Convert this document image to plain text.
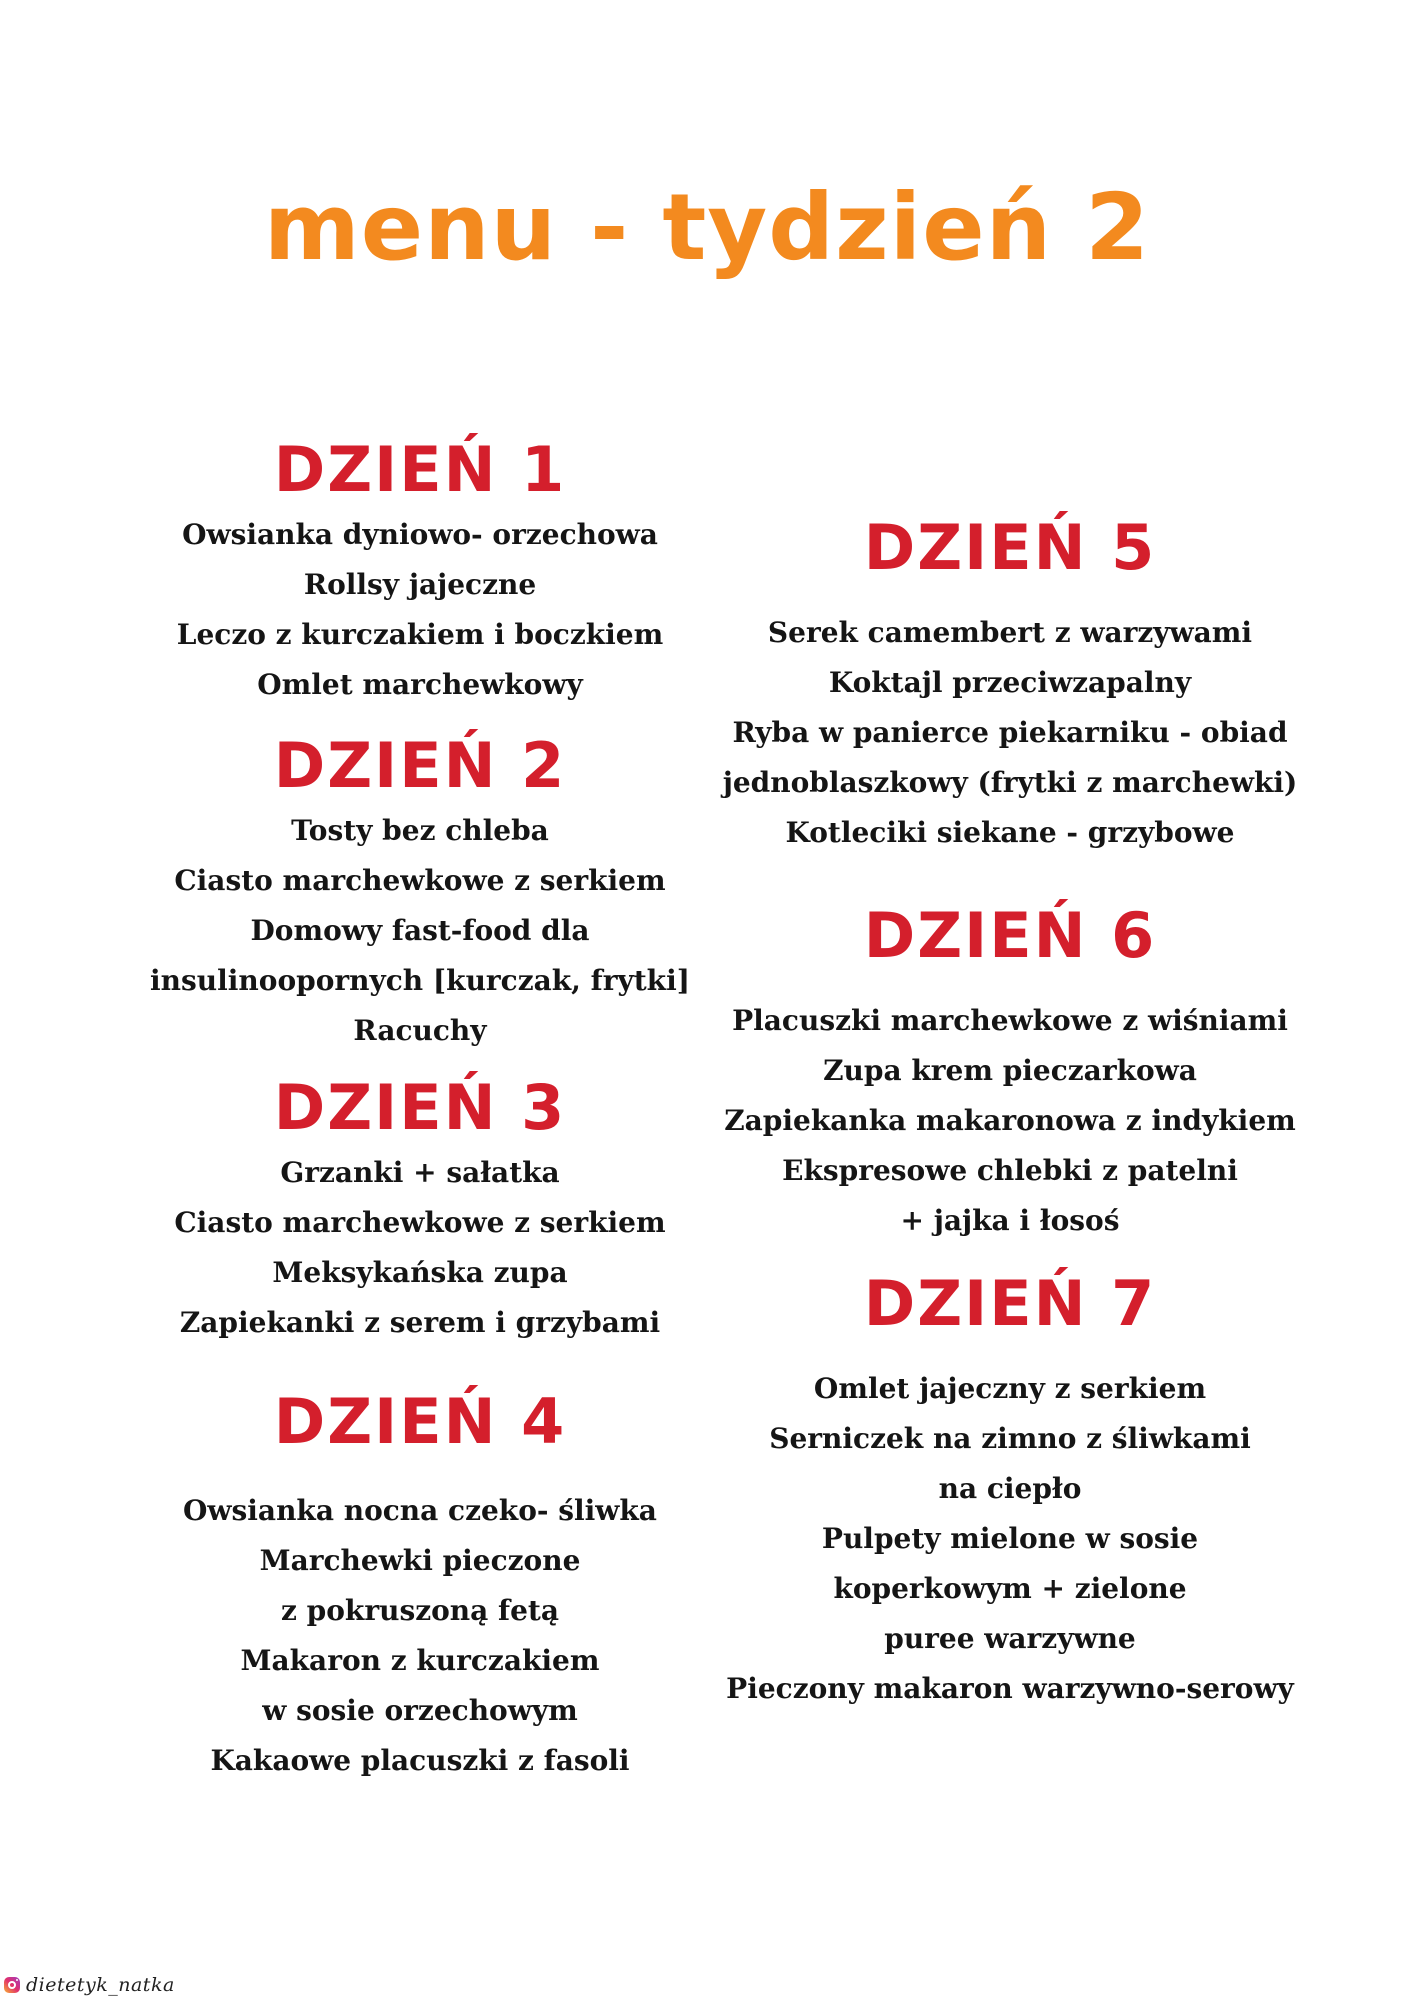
menu - tydzień 2
DZIEŃ 1
Owsianka dyniowo- orzechowa
Rollsy jajeczne
Leczo z kurczakiem i boczkiem
Omlet marchewkowy
DZIEŃ 2
Tosty bez chleba
Ciasto marchewkowe z serkiem
Domowy fast-food dla
insulinoopornych [kurczak, frytki]
Racuchy
DZIEŃ 3
Grzanki + sałatka
Ciasto marchewkowe z serkiem
Meksykańska zupa
Zapiekanki z serem i grzybami
DZIEŃ 4
Owsianka nocna czeko- śliwka
Marchewki pieczone
z pokruszoną fetą
Makaron z kurczakiem
w sosie orzechowym
Kakaowe placuszki z fasoli
DZIEŃ 5
Serek camembert z warzywami
Koktajl przeciwzapalny
Ryba w panierce piekarniku - obiad
jednoblaszkowy (frytki z marchewki)
Kotleciki siekane - grzybowe
DZIEŃ 6
Placuszki marchewkowe z wiśniami
Zupa krem pieczarkowa
Zapiekanka makaronowa z indykiem
Ekspresowe chlebki z patelni
+ jajka i łosoś
DZIEŃ 7
Omlet jajeczny z serkiem
Serniczek na zimno z śliwkami
na ciepło
Pulpety mielone w sosie
koperkowym + zielone
puree warzywne
Pieczony makaron warzywno-serowy
dietetyk_natka
